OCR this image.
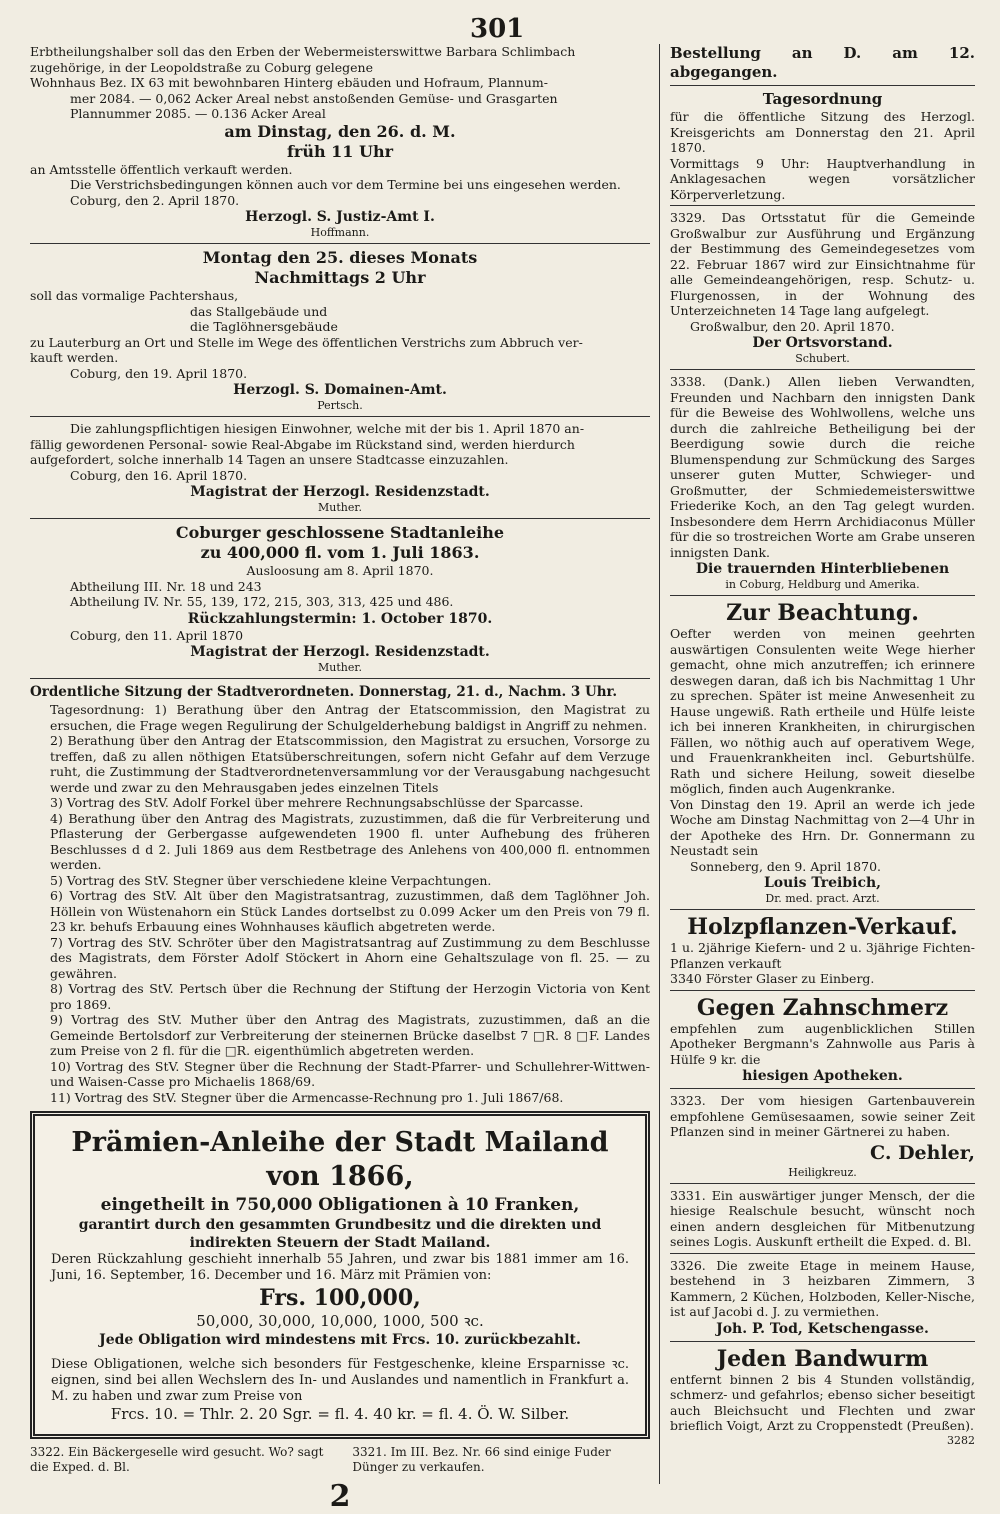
301

Erbtheilungshalber soll das den Erben der Webermeisterswittwe Barbara Schlimbach

zugehörige, in der Leopoldstraße zu Coburg gelegene

Wohnhaus Bez. IX 63 mit bewohnbaren Hinterg ebäuden und Hofraum, Plannum-

mer 2084. — 0,062 Acker Areal nebst anstoßenden Gemüse- und Grasgarten

Plannummer 2085. — 0.136 Acker Areal

am Dinstag, den 26. d. M.

früh 11 Uhr

an Amtsstelle öffentlich verkauft werden.

Die Verstrichsbedingungen können auch vor dem Termine bei uns eingesehen werden.

Coburg, den 2. April 1870.

Herzogl. S. Justiz-Amt I.

Hoffmann.

Montag den 25. dieses Monats

Nachmittags 2 Uhr

soll das vormalige Pachtershaus,

das Stallgebäude und

die Taglöhnersgebäude

zu Lauterburg an Ort und Stelle im Wege des öffentlichen Verstrichs zum Abbruch ver-

kauft werden.

Coburg, den 19. April 1870.

Herzogl. S. Domainen-Amt.

Pertsch.

Die zahlungspflichtigen hiesigen Einwohner, welche mit der bis 1. April 1870 an-

fällig gewordenen Personal- sowie Real-Abgabe im Rückstand sind, werden hierdurch

aufgefordert, solche innerhalb 14 Tagen an unsere Stadtcasse einzuzahlen.

Coburg, den 16. April 1870.

Magistrat der Herzogl. Residenzstadt.

Muther.

Coburger geschlossene Stadtanleihe

zu 400,000 fl. vom 1. Juli 1863.

Ausloosung am 8. April 1870.

Abtheilung III. Nr. 18 und 243

Abtheilung IV. Nr. 55, 139, 172, 215, 303, 313, 425 und 486.

Rückzahlungstermin: 1. October 1870.

Coburg, den 11. April 1870

Magistrat der Herzogl. Residenzstadt.

Muther.

Ordentliche Sitzung der Stadtverordneten. Donnerstag, 21. d., Nachm. 3 Uhr.

Tagesordnung: 1) Berathung über den Antrag der Etatscommission, den Magistrat zu ersuchen, die Frage wegen Regulirung der Schulgelderhebung baldigst in Angriff zu nehmen.

2) Berathung über den Antrag der Etatscommission, den Magistrat zu ersuchen, Vorsorge zu treffen, daß zu allen nöthigen Etatsüberschreitungen, sofern nicht Gefahr auf dem Verzuge ruht, die Zustimmung der Stadtverordnetenversammlung vor der Verausgabung nachgesucht werde und zwar zu den Mehrausgaben jedes einzelnen Titels

3) Vortrag des StV. Adolf Forkel über mehrere Rechnungsabschlüsse der Sparcasse.

4) Berathung über den Antrag des Magistrats, zuzustimmen, daß die für Verbreiterung und Pflasterung der Gerbergasse aufgewendeten 1900 fl. unter Aufhebung des früheren Beschlusses d d 2. Juli 1869 aus dem Restbetrage des Anlehens von 400,000 fl. entnommen werden.

5) Vortrag des StV. Stegner über verschiedene kleine Verpachtungen.

6) Vortrag des StV. Alt über den Magistratsantrag, zuzustimmen, daß dem Taglöhner Joh. Höllein von Wüstenahorn ein Stück Landes dortselbst zu 0.099 Acker um den Preis von 79 fl. 23 kr. behufs Erbauung eines Wohnhauses käuflich abgetreten werde.

7) Vortrag des StV. Schröter über den Magistratsantrag auf Zustimmung zu dem Beschlusse des Magistrats, dem Förster Adolf Stöckert in Ahorn eine Gehaltszulage von fl. 25. — zu gewähren.

8) Vortrag des StV. Pertsch über die Rechnung der Stiftung der Herzogin Victoria von Kent pro 1869.

9) Vortrag des StV. Muther über den Antrag des Magistrats, zuzustimmen, daß an die Gemeinde Bertolsdorf zur Verbreiterung der steinernen Brücke daselbst 7 □R. 8 □F. Landes zum Preise von 2 fl. für die □R. eigenthümlich abgetreten werden.

10) Vortrag des StV. Stegner über die Rechnung der Stadt-Pfarrer- und Schullehrer-Wittwen- und Waisen-Casse pro Michaelis 1868/69.

11) Vortrag des StV. Stegner über die Armencasse-Rechnung pro 1. Juli 1867/68.

Prämien-Anleihe der Stadt Mailand von 1866,
eingetheilt in 750,000 Obligationen à 10 Franken,
garantirt durch den gesammten Grundbesitz und die direkten und indirekten Steuern der Stadt Mailand.
Deren Rückzahlung geschieht innerhalb 55 Jahren, und zwar bis 1881 immer am 16. Juni, 16. September, 16. December und 16. März mit Prämien von:
Frs. 100,000,
50,000, 30,000, 10,000, 1000, 500 ꝛc.
Jede Obligation wird mindestens mit Frcs. 10. zurückbezahlt.
Diese Obligationen, welche sich besonders für Festgeschenke, kleine Ersparnisse ꝛc. eignen, sind bei allen Wechslern des In- und Auslandes und namentlich in Frankfurt a. M. zu haben und zwar zum Preise von
Frcs. 10. = Thlr. 2. 20 Sgr. = fl. 4. 40 kr. = fl. 4. Ö. W. Silber.
3322. Ein Bäckergeselle wird gesucht. Wo? sagt die Exped. d. Bl.
3321. Im III. Bez. Nr. 66 sind einige Fuder Dünger zu verkaufen.
2

Bestellung an D. am 12. abgegangen.

Tagesordnung

für die öffentliche Sitzung des Herzogl. Kreisgerichts am Donnerstag den 21. April 1870.

Vormittags 9 Uhr: Hauptverhandlung in Anklagesachen wegen vorsätzlicher Körperverletzung.

3329. Das Ortsstatut für die Gemeinde Großwalbur zur Ausführung und Ergänzung der Bestimmung des Gemeindegesetzes vom 22. Februar 1867 wird zur Einsichtnahme für alle Gemeindeangehörigen, resp. Schutz- u. Flurgenossen, in der Wohnung des Unterzeichneten 14 Tage lang aufgelegt.

Großwalbur, den 20. April 1870.

Der Ortsvorstand.

Schubert.

3338. (Dank.) Allen lieben Verwandten, Freunden und Nachbarn den innigsten Dank für die Beweise des Wohlwollens, welche uns durch die zahlreiche Betheiligung bei der Beerdigung sowie durch die reiche Blumenspendung zur Schmückung des Sarges unserer guten Mutter, Schwieger- und Großmutter, der Schmiedemeisterswittwe Friederike Koch, an den Tag gelegt wurden. Insbesondere dem Herrn Archidiaconus Müller für die so trostreichen Worte am Grabe unseren innigsten Dank.

Die trauernden Hinterbliebenen

in Coburg, Heldburg und Amerika.

Zur Beachtung.

Oefter werden von meinen geehrten auswärtigen Consulenten weite Wege hierher gemacht, ohne mich anzutreffen; ich erinnere deswegen daran, daß ich bis Nachmittag 1 Uhr zu sprechen. Später ist meine Anwesenheit zu Hause ungewiß. Rath ertheile und Hülfe leiste ich bei inneren Krankheiten, in chirurgischen Fällen, wo nöthig auch auf operativem Wege, und Frauenkrankheiten incl. Geburtshülfe. Rath und sichere Heilung, soweit dieselbe möglich, finden auch Augenkranke.

Von Dinstag den 19. April an werde ich jede Woche am Dinstag Nachmittag von 2—4 Uhr in der Apotheke des Hrn. Dr. Gonnermann zu Neustadt sein

Sonneberg, den 9. April 1870.

Louis Treibich,

Dr. med. pract. Arzt.

Holzpflanzen-Verkauf.

1 u. 2jährige Kiefern- und 2 u. 3jährige Fichten-Pflanzen verkauft

3340 Förster Glaser zu Einberg.

Gegen Zahnschmerz

empfehlen zum augenblicklichen Stillen Apotheker Bergmann's Zahnwolle aus Paris à Hülfe 9 kr. die

hiesigen Apotheken.

3323. Der vom hiesigen Gartenbauverein empfohlene Gemüsesaamen, sowie seiner Zeit Pflanzen sind in meiner Gärtnerei zu haben.

C. Dehler,

Heiligkreuz.

3331. Ein auswärtiger junger Mensch, der die hiesige Realschule besucht, wünscht noch einen andern desgleichen für Mitbenutzung seines Logis. Auskunft ertheilt die Exped. d. Bl.

3326. Die zweite Etage in meinem Hause, bestehend in 3 heizbaren Zimmern, 3 Kammern, 2 Küchen, Holzboden, Keller-Nische, ist auf Jacobi d. J. zu vermiethen.

Joh. P. Tod, Ketschengasse.

Jeden Bandwurm

entfernt binnen 2 bis 4 Stunden vollständig, schmerz- und gefahrlos; ebenso sicher beseitigt auch Bleichsucht und Flechten und zwar brieflich Voigt, Arzt zu Croppenstedt (Preußen).

3282
